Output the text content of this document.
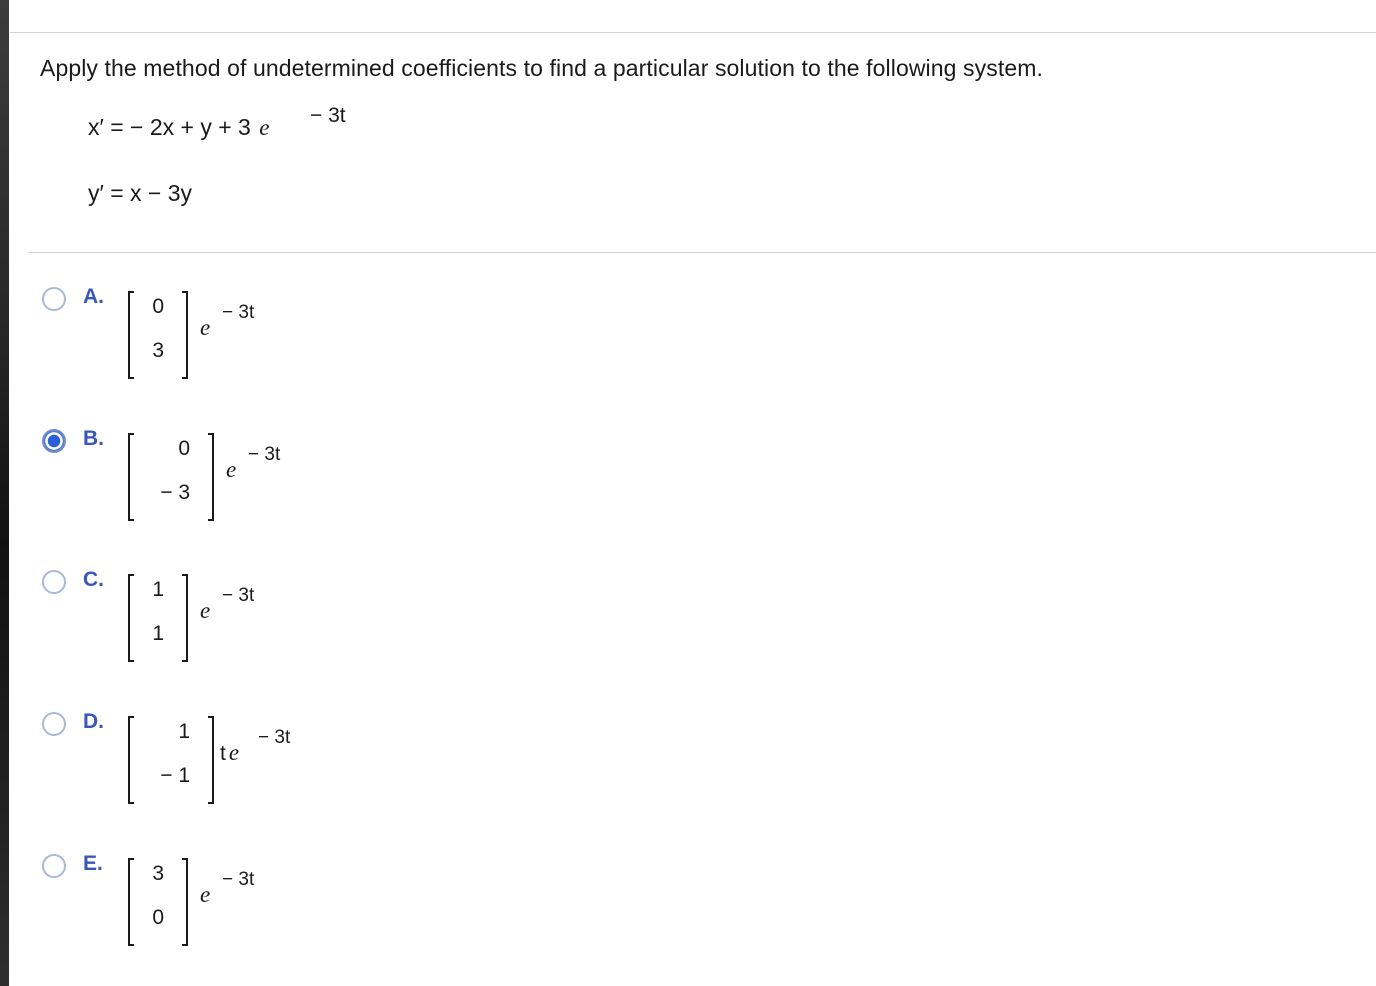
Apply the method of undetermined coefficients to find a particular solution to the following system.
x′ = − 2x + y + 3 e − 3t
y′ = x − 3y
A. 0
3
e
− 3t
B.	0
− 3
e
− 3t
C. 1
1
e
− 3t
D.	1
− 1
t e
− 3t
E. 3
0
e
− 3t
